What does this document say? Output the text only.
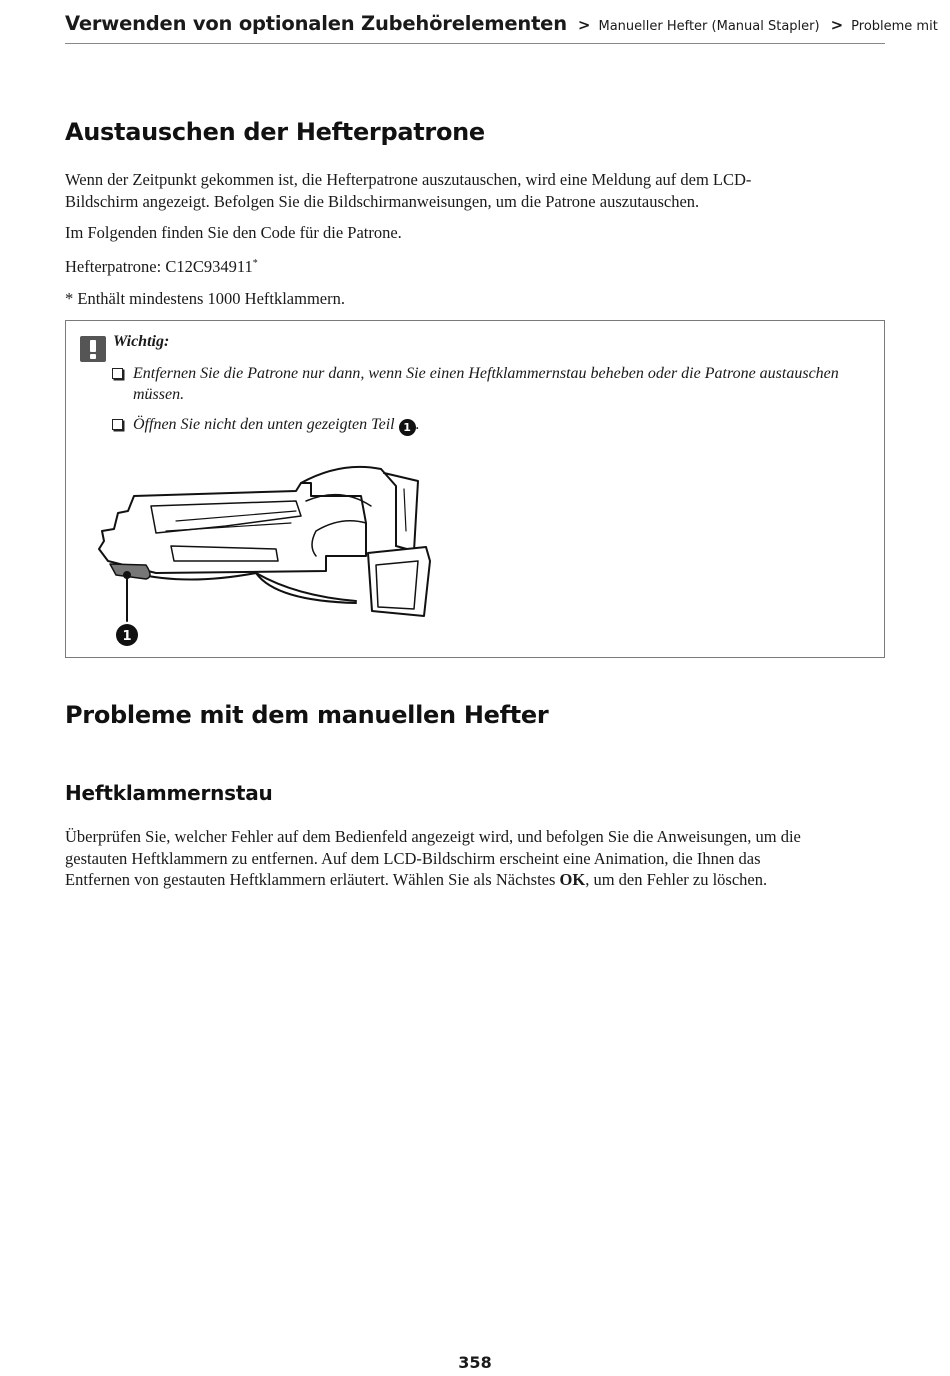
Verwenden von optionalen Zubehörelementen > Manueller Hefter (Manual Stapler) > Probleme mit
Austauschen der Hefterpatrone

Wenn der Zeitpunkt gekommen ist, die Hefterpatrone auszutauschen, wird eine Meldung auf dem LCD-
Bildschirm angezeigt. Befolgen Sie die Bildschirmanweisungen, um die Patrone auszutauschen.

Im Folgenden finden Sie den Code für die Patrone.

Hefterpatrone: C12C934911*

* Enthält mindestens 1000 Heftklammern.

Wichtig:
Entfernen Sie die Patrone nur dann, wenn Sie einen Heftklammernstau beheben oder die Patrone austauschen
müssen.
Öffnen Sie nicht den unten gezeigten Teil 1 .
1
Probleme mit dem manuellen Hefter
Heftklammernstau

Überprüfen Sie, welcher Fehler auf dem Bedienfeld angezeigt wird, und befolgen Sie die Anweisungen, um die
gestauten Heftklammern zu entfernen. Auf dem LCD-Bildschirm erscheint eine Animation, die Ihnen das
Entfernen von gestauten Heftklammern erläutert. Wählen Sie als Nächstes OK, um den Fehler zu löschen.

358
